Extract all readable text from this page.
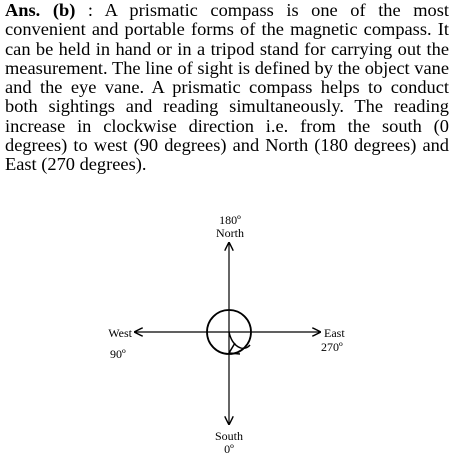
Ans. (b) : A prismatic compass is one of the most convenient and portable forms of the magnetic compass. It can be held in hand or in a tripod stand for carrying out the measurement. The line of sight is defined by the object vane and the eye vane. A prismatic compass helps to conduct both sightings and reading simultaneously. The reading increase in clockwise direction i.e. from the south (0 degrees) to west (90 degrees) and North (180 degrees) and East (270 degrees).

180º
North
West
90º
East
270º
South
0º
